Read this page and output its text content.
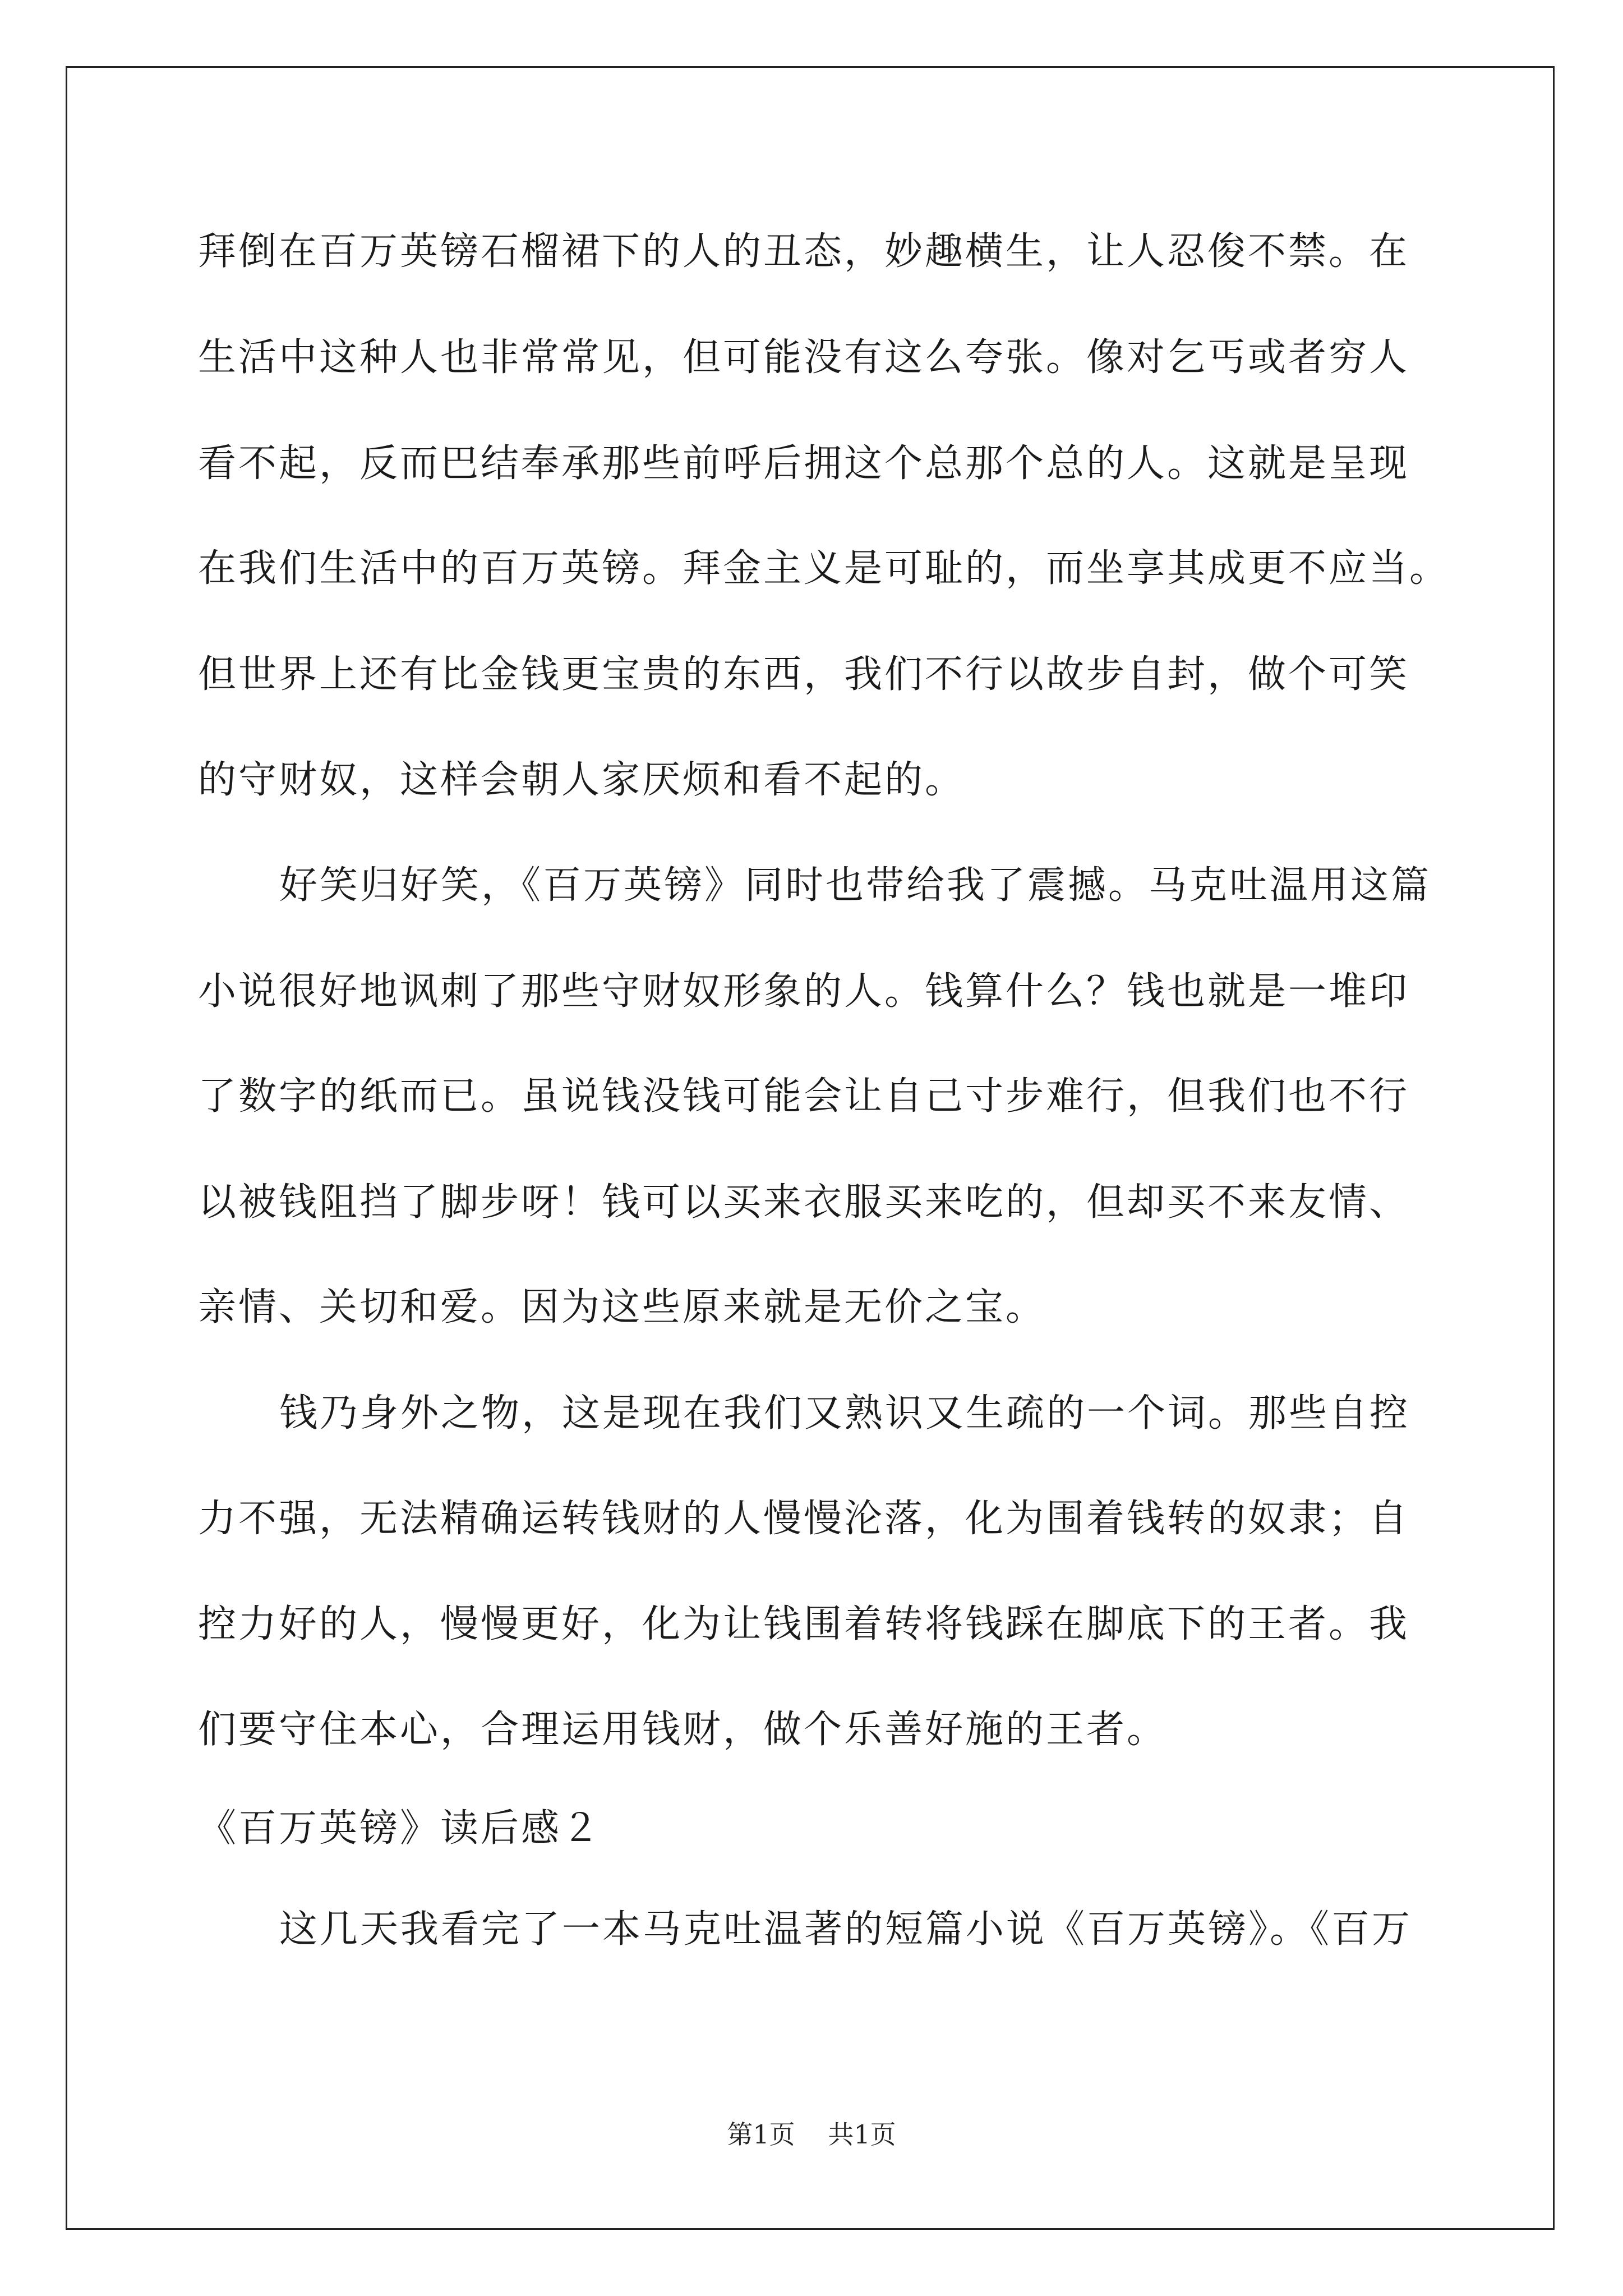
拜倒在百万英镑石榴裙下的人的丑态，妙趣横生，让人忍俊不禁。在
生活中这种人也非常常见，但可能没有这么夸张。像对乞丐或者穷人
看不起，反而巴结奉承那些前呼后拥这个总那个总的人。这就是呈现
在我们生活中的百万英镑。拜金主义是可耻的，而坐享其成更不应当。
但世界上还有比金钱更宝贵的东西，我们不行以故步自封，做个可笑
的守财奴，这样会朝人家厌烦和看不起的。
好笑归好笑，《百万英镑》同时也带给我了震撼。马克吐温用这篇
小说很好地讽刺了那些守财奴形象的人。钱算什么？钱也就是一堆印
了数字的纸而已。虽说钱没钱可能会让自己寸步难行，但我们也不行
以被钱阻挡了脚步呀！钱可以买来衣服买来吃的，但却买不来友情、
亲情、关切和爱。因为这些原来就是无价之宝。
钱乃身外之物，这是现在我们又熟识又生疏的一个词。那些自控
力不强，无法精确运转钱财的人慢慢沦落，化为围着钱转的奴隶；自
控力好的人，慢慢更好，化为让钱围着转将钱踩在脚底下的王者。我
们要守住本心，合理运用钱财，做个乐善好施的王者。
《百万英镑》读后感２
这几天我看完了一本马克吐温著的短篇小说《百万英镑》。《百万
第1页 共1页
